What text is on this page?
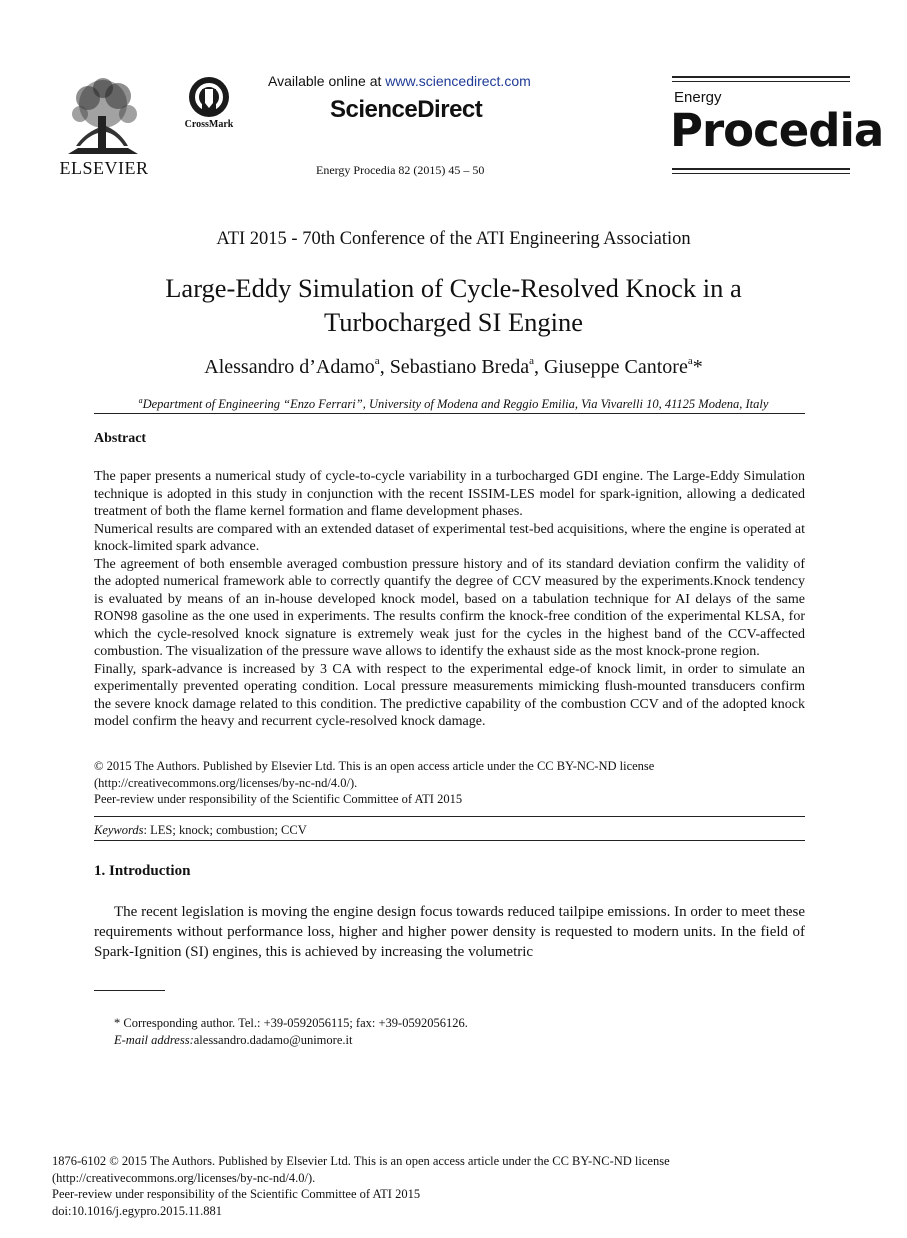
ELSEVIER
CrossMark
Available online at www.sciencedirect.com
ScienceDirect
Energy Procedia 82 (2015) 45 – 50
Energy
Procedia
ATI 2015 - 70th Conference of the ATI Engineering Association
Large-Eddy Simulation of Cycle-Resolved Knock in a
Turbocharged SI Engine
Alessandro d’Adamo$^a$, Sebastiano Breda$^a$, Giuseppe Cantore$^a$*
$^a$Department of Engineering “Enzo Ferrari”, University of Modena and Reggio Emilia, Via Vivarelli 10, 41125 Modena, Italy
Abstract

The paper presents a numerical study of cycle-to-cycle variability in a turbocharged GDI engine. The Large-Eddy Simulation technique is adopted in this study in conjunction with the recent ISSIM-LES model for spark-ignition, allowing a dedicated treatment of both the flame kernel formation and flame development phases.

Numerical results are compared with an extended dataset of experimental test-bed acquisitions, where the engine is operated at knock-limited spark advance.

The agreement of both ensemble averaged combustion pressure history and of its standard deviation confirm the validity of the adopted numerical framework able to correctly quantify the degree of CCV measured by the experiments.Knock tendency is evaluated by means of an in-house developed knock model, based on a tabulation technique for AI delays of the same RON98 gasoline as the one used in experiments. The results confirm the knock-free condition of the experimental KLSA, for which the cycle-resolved knock signature is extremely weak just for the cycles in the highest band of the CCV-affected combustion. The visualization of the pressure wave allows to identify the exhaust side as the most knock-prone region.

Finally, spark-advance is increased by 3 CA with respect to the experimental edge-of knock limit, in order to simulate an experimentally prevented operating condition. Local pressure measurements mimicking flush-mounted transducers confirm the severe knock damage related to this condition. The predictive capability of the combustion CCV and of the adopted knock model confirm the heavy and recurrent cycle-resolved knock damage.

© 2015 The Authors. Published by Elsevier Ltd. This is an open access article under the CC BY-NC-ND license

(http://creativecommons.org/licenses/by-nc-nd/4.0/).

Peer-review under responsibility of the Scientific Committee of ATI 2015

Keywords: LES; knock; combustion; CCV
1. Introduction
The recent legislation is moving the engine design focus towards reduced tailpipe emissions. In order to meet these requirements without performance loss, higher and higher power density is requested to modern units. In the field of Spark-Ignition (SI) engines, this is achieved by increasing the volumetric

* Corresponding author. Tel.: +39-0592056115; fax: +39-0592056126.

E-mail address:alessandro.dadamo@unimore.it

1876-6102 © 2015 The Authors. Published by Elsevier Ltd. This is an open access article under the CC BY-NC-ND license

(http://creativecommons.org/licenses/by-nc-nd/4.0/).

Peer-review under responsibility of the Scientific Committee of ATI 2015

doi:10.1016/j.egypro.2015.11.881
